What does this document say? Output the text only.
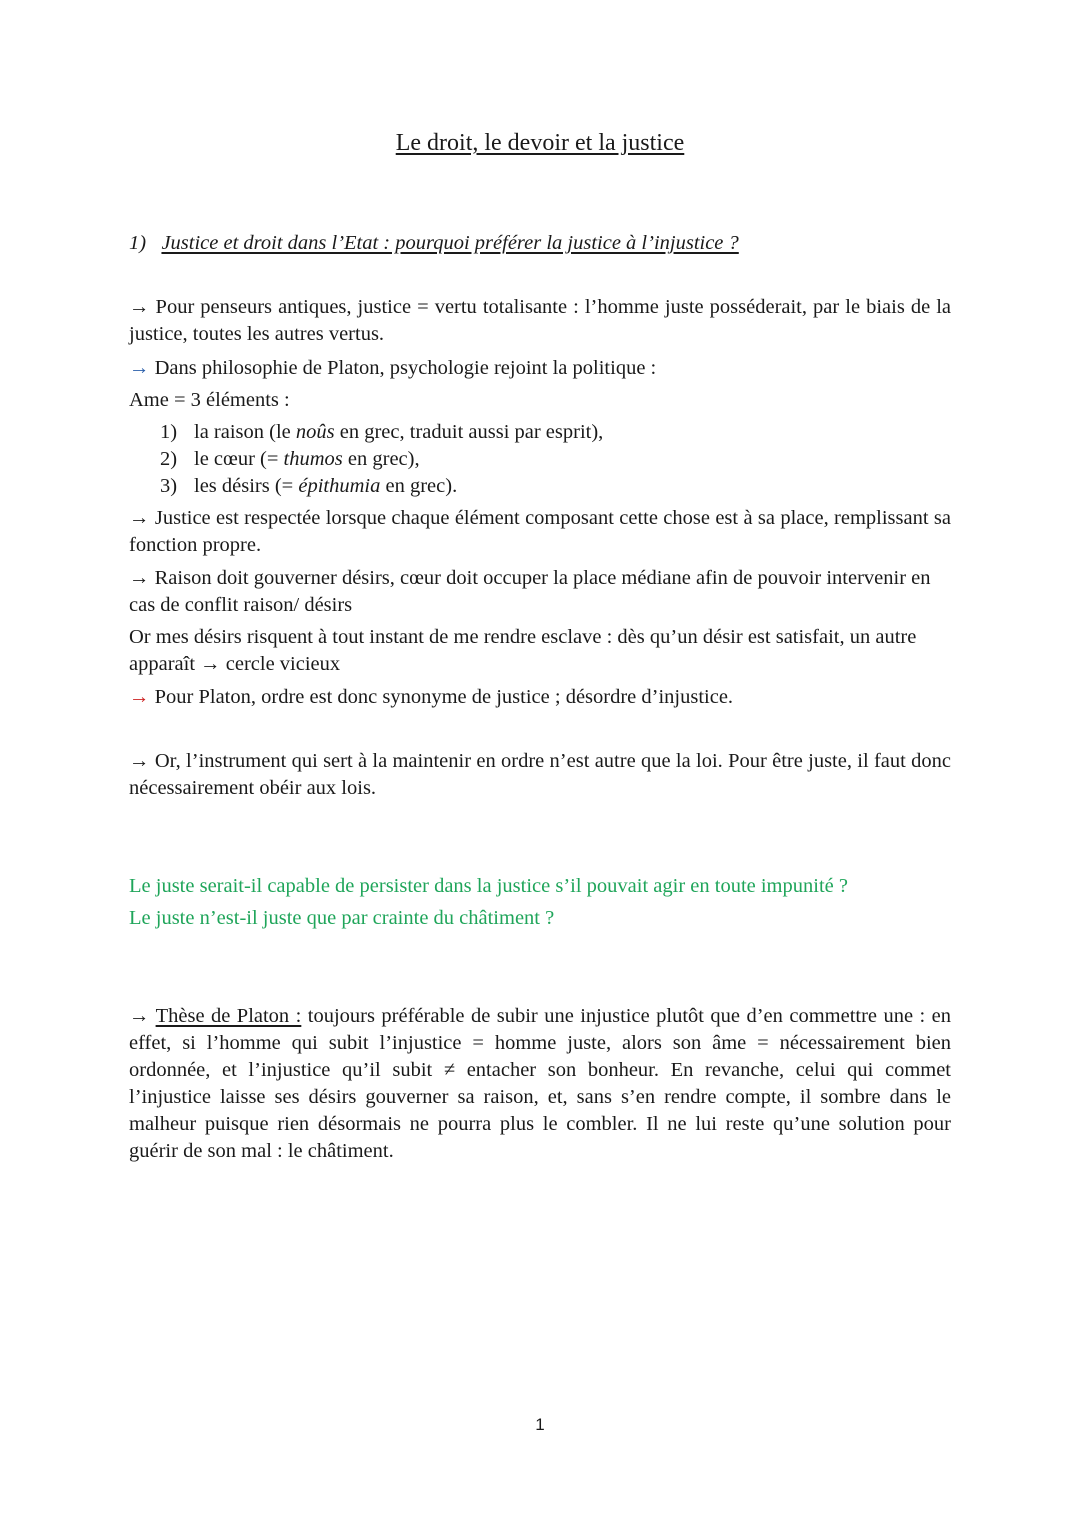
Le droit, le devoir et la justice
1) Justice et droit dans l’Etat : pourquoi préférer la justice à l’injustice ?
→ Pour penseurs antiques, justice = vertu totalisante : l’homme juste posséderait, par le biais de la justice, toutes les autres vertus.
→ Dans philosophie de Platon, psychologie rejoint la politique :
Ame = 3 éléments :
1) la raison (le noûs en grec, traduit aussi par esprit),
2) le cœur (= thumos en grec),
3) les désirs (= épithumia en grec).
→ Justice est respectée lorsque chaque élément composant cette chose est à sa place, remplissant sa fonction propre.
→ Raison doit gouverner désirs, cœur doit occuper la place médiane afin de pouvoir intervenir en cas de conflit raison/ désirs
Or mes désirs risquent à tout instant de me rendre esclave : dès qu’un désir est satisfait, un autre apparaît → cercle vicieux
→ Pour Platon, ordre est donc synonyme de justice ; désordre d’injustice.
→ Or, l’instrument qui sert à la maintenir en ordre n’est autre que la loi. Pour être juste, il faut donc nécessairement obéir aux lois.
Le juste serait-il capable de persister dans la justice s’il pouvait agir en toute impunité ?
Le juste n’est-il juste que par crainte du châtiment ?
→ Thèse de Platon : toujours préférable de subir une injustice plutôt que d’en commettre une : en effet, si l’homme qui subit l’injustice = homme juste, alors son âme = nécessairement bien ordonnée, et l’injustice qu’il subit ≠ entacher son bonheur. En revanche, celui qui commet l’injustice laisse ses désirs gouverner sa raison, et, sans s’en rendre compte, il sombre dans le malheur puisque rien désormais ne pourra plus le combler. Il ne lui reste qu’une solution pour guérir de son mal : le châtiment.
1
